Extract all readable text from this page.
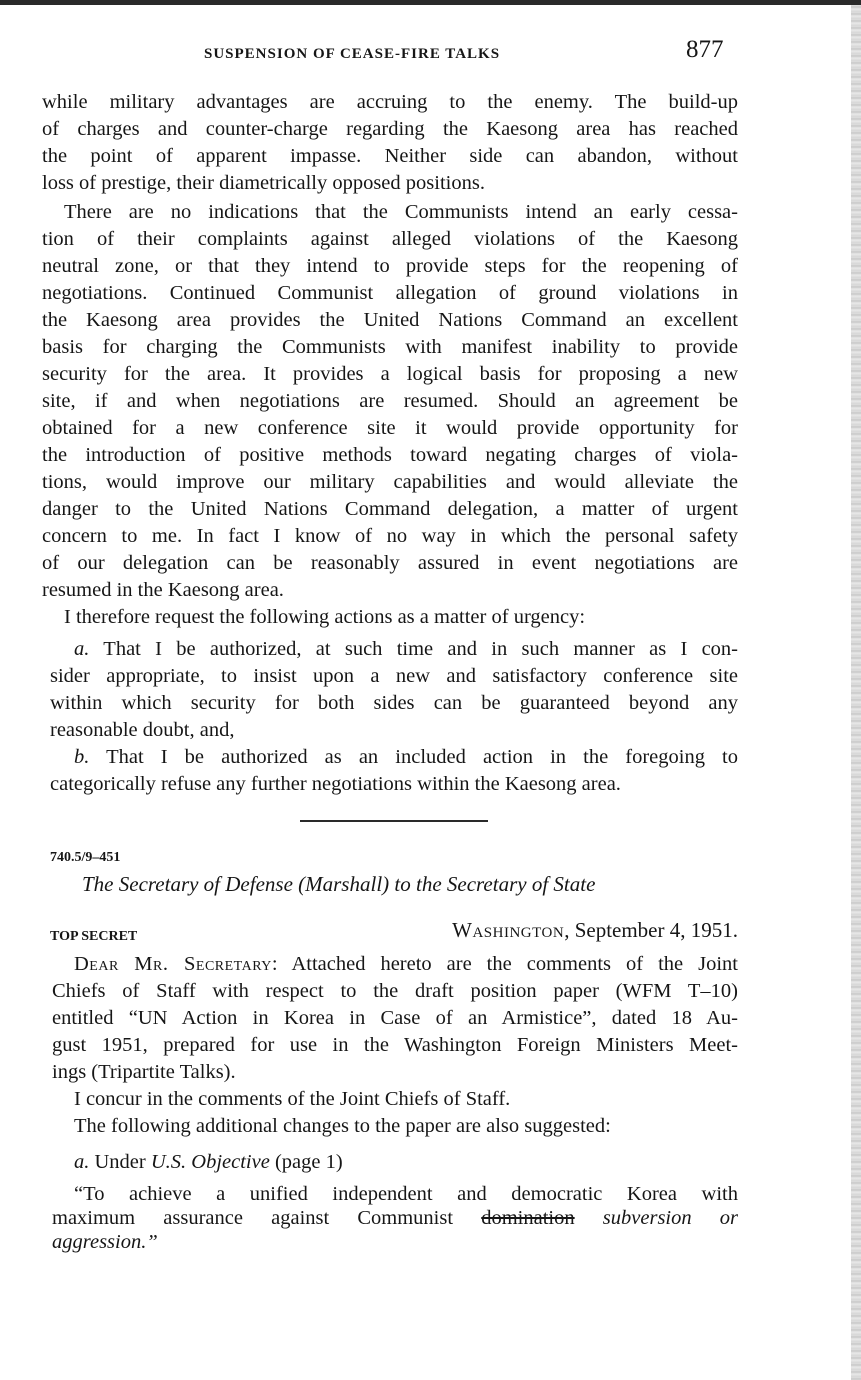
SUSPENSION OF CEASE-FIRE TALKS	877
while military advantages are accruing to the enemy. The build-up
of charges and counter-charge regarding the Kaesong area has reached
the point of apparent impasse. Neither side can abandon, without
loss of prestige, their diametrically opposed positions.
There are no indications that the Communists intend an early cessa-
tion of their complaints against alleged violations of the Kaesong
neutral zone, or that they intend to provide steps for the reopening of
negotiations. Continued Communist allegation of ground violations in
the Kaesong area provides the United Nations Command an excellent
basis for charging the Communists with manifest inability to provide
security for the area. It provides a logical basis for proposing a new
site, if and when negotiations are resumed. Should an agreement be
obtained for a new conference site it would provide opportunity for
the introduction of positive methods toward negating charges of viola-
tions, would improve our military capabilities and would alleviate the
danger to the United Nations Command delegation, a matter of urgent
concern to me. In fact I know of no way in which the personal safety
of our delegation can be reasonably assured in event negotiations are
resumed in the Kaesong area.
I therefore request the following actions as a matter of urgency:
a. That I be authorized, at such time and in such manner as I con-
sider appropriate, to insist upon a new and satisfactory conference site
within which security for both sides can be guaranteed beyond any
reasonable doubt, and,
b. That I be authorized as an included action in the foregoing to
categorically refuse any further negotiations within the Kaesong area.
740.5/9–451
The Secretary of Defense (Marshall) to the Secretary of State
TOP SECRET	Washington, September 4, 1951.
Dear Mr. Secretary: Attached hereto are the comments of the Joint
Chiefs of Staff with respect to the draft position paper (WFM T–10)
entitled “UN Action in Korea in Case of an Armistice”, dated 18 Au-
gust 1951, prepared for use in the Washington Foreign Ministers Meet-
ings (Tripartite Talks).
I concur in the comments of the Joint Chiefs of Staff.
The following additional changes to the paper are also suggested:
a. Under U.S. Objective (page 1)
“To achieve a unified independent and democratic Korea with
maximum assurance against Communist domination subversion or
aggression.”
